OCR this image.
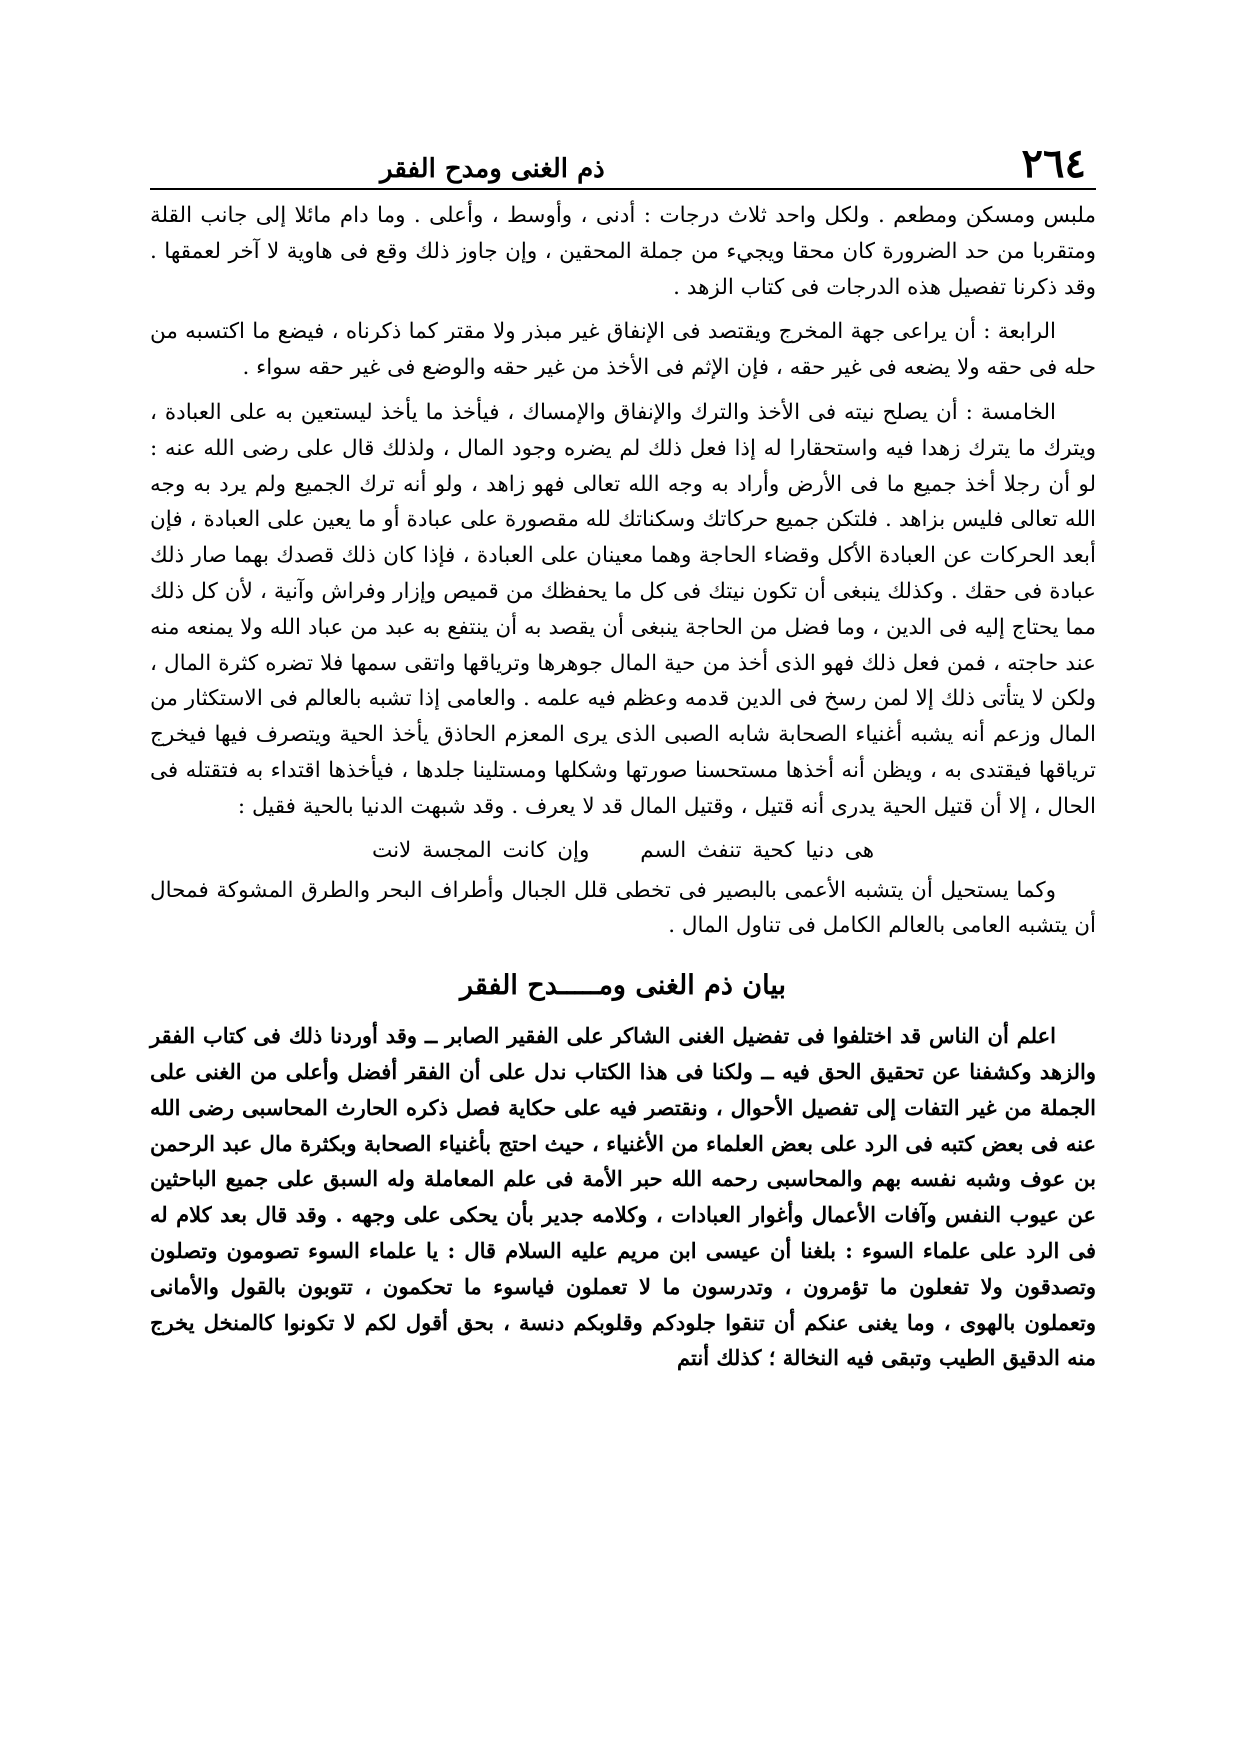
٢٦٤
ذم الغنى ومدح الفقر

ملبس ومسكن ومطعم . ولكل واحد ثلاث درجات : أدنى ، وأوسط ، وأعلى . وما دام مائلا إلى جانب القلة ومتقربا من حد الضرورة كان محقا ويجيء من جملة المحقين ، وإن جاوز ذلك وقع فى هاوية لا آخر لعمقها . وقد ذكرنا تفصيل هذه الدرجات فى كتاب الزهد .

الرابعة : أن يراعى جهة المخرج ويقتصد فى الإنفاق غير مبذر ولا مقتر كما ذكرناه ، فيضع ما اكتسبه من حله فى حقه ولا يضعه فى غير حقه ، فإن الإثم فى الأخذ من غير حقه والوضع فى غير حقه سواء .

الخامسة : أن يصلح نيته فى الأخذ والترك والإنفاق والإمساك ، فيأخذ ما يأخذ ليستعين به على العبادة ، ويترك ما يترك زهدا فيه واستحقارا له إذا فعل ذلك لم يضره وجود المال ، ولذلك قال على رضى الله عنه : لو أن رجلا أخذ جميع ما فى الأرض وأراد به وجه الله تعالى فهو زاهد ، ولو أنه ترك الجميع ولم يرد به وجه الله تعالى فليس بزاهد . فلتكن جميع حركاتك وسكناتك لله مقصورة على عبادة أو ما يعين على العبادة ، فإن أبعد الحركات عن العبادة الأكل وقضاء الحاجة وهما معينان على العبادة ، فإذا كان ذلك قصدك بهما صار ذلك عبادة فى حقك . وكذلك ينبغى أن تكون نيتك فى كل ما يحفظك من قميص وإزار وفراش وآنية ، لأن كل ذلك مما يحتاج إليه فى الدين ، وما فضل من الحاجة ينبغى أن يقصد به أن ينتفع به عبد من عباد الله ولا يمنعه منه عند حاجته ، فمن فعل ذلك فهو الذى أخذ من حية المال جوهرها وترياقها واتقى سمها فلا تضره كثرة المال ، ولكن لا يتأتى ذلك إلا لمن رسخ فى الدين قدمه وعظم فيه علمه . والعامى إذا تشبه بالعالم فى الاستكثار من المال وزعم أنه يشبه أغنياء الصحابة شابه الصبى الذى يرى المعزم الحاذق يأخذ الحية ويتصرف فيها فيخرج ترياقها فيقتدى به ، ويظن أنه أخذها مستحسنا صورتها وشكلها ومستلينا جلدها ، فيأخذها اقتداء به فتقتله فى الحال ، إلا أن قتيل الحية يدرى أنه قتيل ، وقتيل المال قد لا يعرف . وقد شبهت الدنيا بالحية فقيل :

هى دنيا كحية تنفث السم وإن كانت المجسة لانت

وكما يستحيل أن يتشبه الأعمى بالبصير فى تخطى قلل الجبال وأطراف البحر والطرق المشوكة فمحال أن يتشبه العامى بالعالم الكامل فى تناول المال .

بيان ذم الغنى ومـــــدح الفقر

اعلم أن الناس قد اختلفوا فى تفضيل الغنى الشاكر على الفقير الصابر ــ وقد أوردنا ذلك فى كتاب الفقر والزهد وكشفنا عن تحقيق الحق فيه ــ ولكنا فى هذا الكتاب ندل على أن الفقر أفضل وأعلى من الغنى على الجملة من غير التفات إلى تفصيل الأحوال ، ونقتصر فيه على حكاية فصل ذكره الحارث المحاسبى رضى الله عنه فى بعض كتبه فى الرد على بعض العلماء من الأغنياء ، حيث احتج بأغنياء الصحابة وبكثرة مال عبد الرحمن بن عوف وشبه نفسه بهم والمحاسبى رحمه الله حبر الأمة فى علم المعاملة وله السبق على جميع الباحثين عن عيوب النفس وآفات الأعمال وأغوار العبادات ، وكلامه جدير بأن يحكى على وجهه . وقد قال بعد كلام له فى الرد على علماء السوء : بلغنا أن عيسى ابن مريم عليه السلام قال : يا علماء السوء تصومون وتصلون وتصدقون ولا تفعلون ما تؤمرون ، وتدرسون ما لا تعملون فياسوء ما تحكمون ، تتوبون بالقول والأمانى وتعملون بالهوى ، وما يغنى عنكم أن تنقوا جلودكم وقلوبكم دنسة ، بحق أقول لكم لا تكونوا كالمنخل يخرج منه الدقيق الطيب وتبقى فيه النخالة ؛ كذلك أنتم
